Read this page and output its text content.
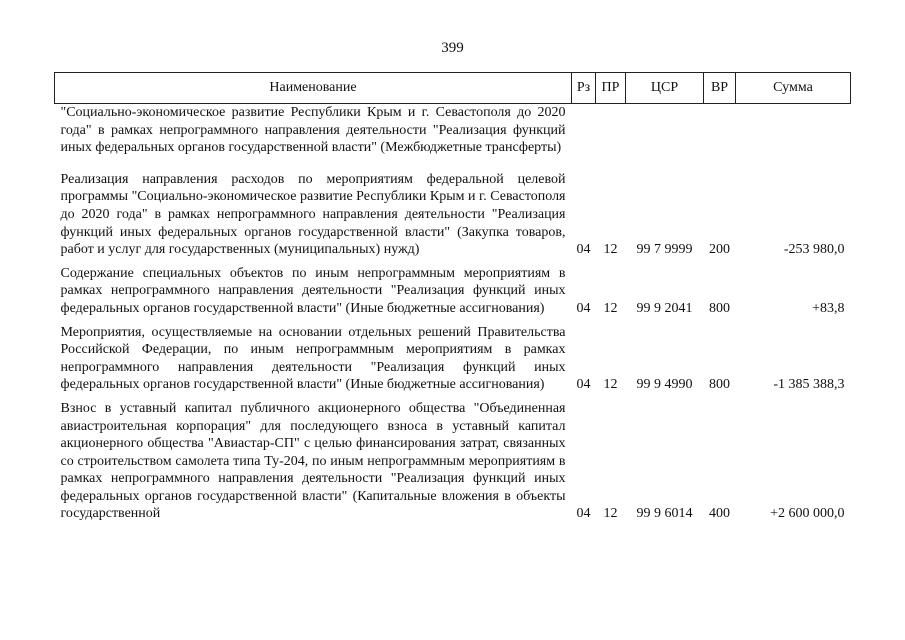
399
Наименование	Рз	ПР	ЦСР	ВР	Сумма

"Социально-экономическое развитие Республики Крым и г. Севастополя до 2020 года" в рамках непрограммного направления деятельности "Реализация функций иных федеральных органов государственной власти" (Межбюджетные трансферты)					

Реализация направления расходов по мероприятиям федеральной целевой программы "Социально-экономическое развитие Республики Крым и г. Севастополя до 2020 года" в рамках непрограммного направления деятельности "Реализация функций иных федеральных органов государственной власти" (Закупка товаров, работ и услуг для государственных (муниципальных) нужд)	04	12	99 7 9999	200	-253 980,0

Содержание специальных объектов по иным непрограммным мероприятиям в рамках непрограммного направления деятельности "Реализация функций иных федеральных органов государственной власти" (Иные бюджетные ассигнования)	04	12	99 9 2041	800	+83,8

Мероприятия, осуществляемые на основании отдельных решений Правительства Российской Федерации, по иным непрограммным мероприятиям в рамках непрограммного направления деятельности "Реализация функций иных федеральных органов государственной власти" (Иные бюджетные ассигнования)	04	12	99 9 4990	800	-1 385 388,3

Взнос в уставный капитал публичного акционерного общества "Объединенная авиастроительная корпорация" для последующего взноса в уставный капитал акционерного общества "Авиастар-СП" с целью финансирования затрат, связанных со строительством самолета типа Ту-204, по иным непрограммным мероприятиям в рамках непрограммного направления деятельности "Реализация функций иных федеральных органов государственной власти" (Капитальные вложения в объекты государственной	04	12	99 9 6014	400	+2 600 000,0
